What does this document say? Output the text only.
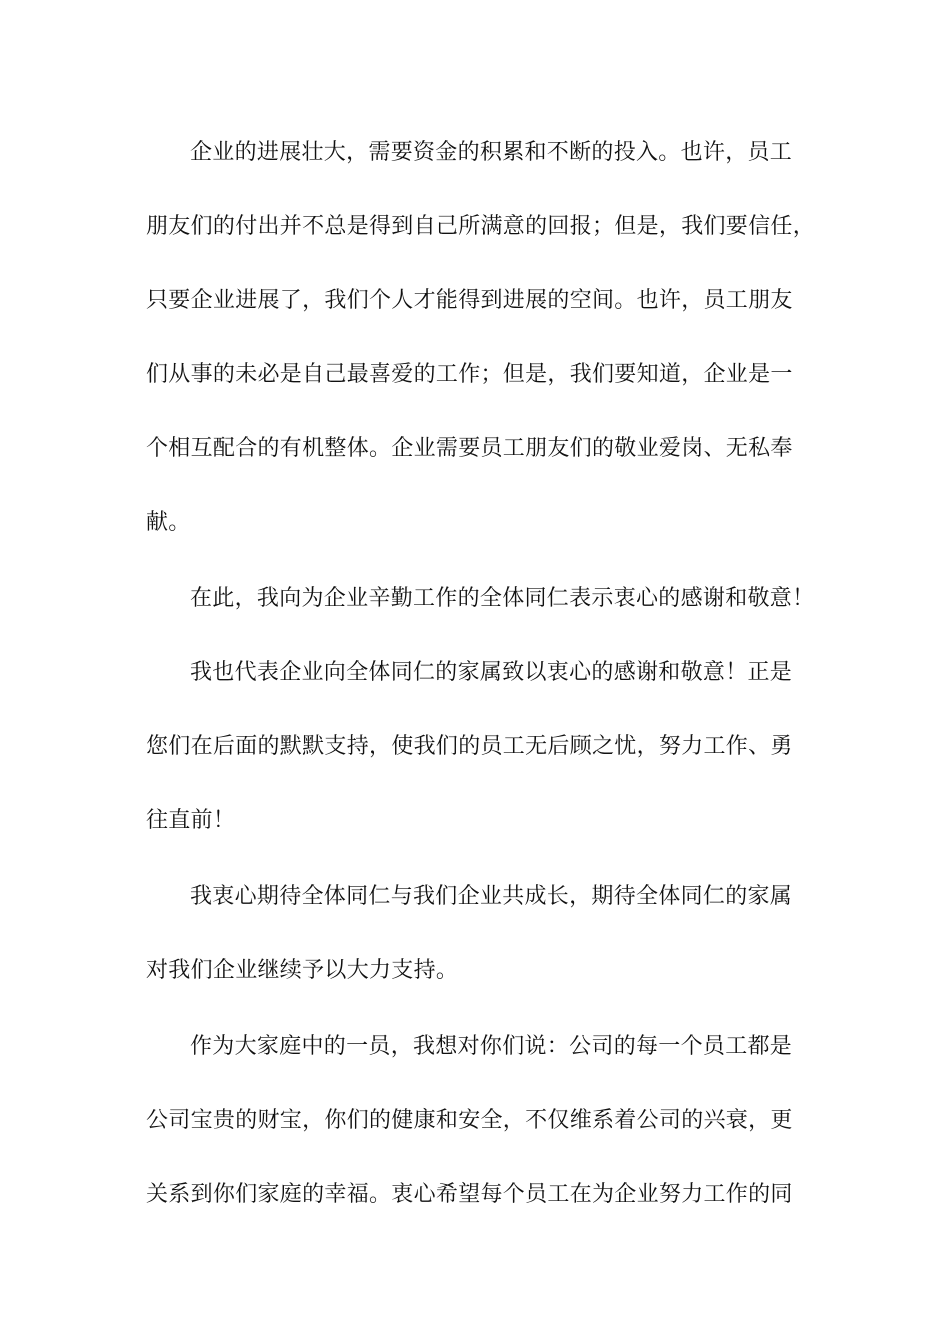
企业的进展壮大，需要资金的积累和不断的投入。也许，员工
朋友们的付出并不总是得到自己所满意的回报；但是，我们要信任，
只要企业进展了，我们个人才能得到进展的空间。也许，员工朋友
们从事的未必是自己最喜爱的工作；但是，我们要知道，企业是一
个相互配合的有机整体。企业需要员工朋友们的敬业爱岗、无私奉
献。
在此，我向为企业辛勤工作的全体同仁表示衷心的感谢和敬意！
我也代表企业向全体同仁的家属致以衷心的感谢和敬意！正是
您们在后面的默默支持，使我们的员工无后顾之忧，努力工作、勇
往直前！
我衷心期待全体同仁与我们企业共成长，期待全体同仁的家属
对我们企业继续予以大力支持。
作为大家庭中的一员，我想对你们说：公司的每一个员工都是
公司宝贵的财宝，你们的健康和安全，不仅维系着公司的兴衰，更
关系到你们家庭的幸福。衷心希望每个员工在为企业努力工作的同
